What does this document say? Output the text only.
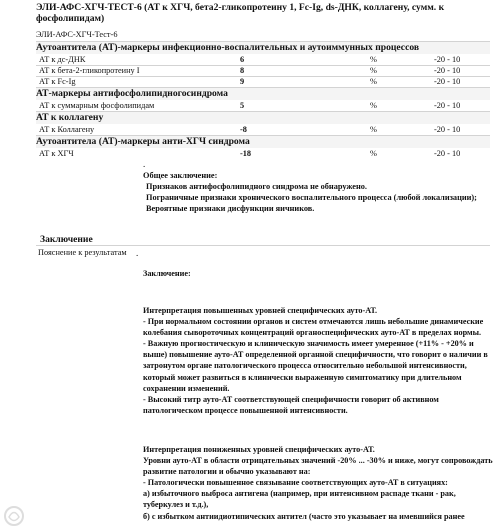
ЭЛИ-АФС-ХГЧ-ТЕСТ-6 (АТ к ХГЧ, бета2-гликопротеину 1, Fc-Ig, ds-ДНК, коллагену, сумм. к фосфолипидам)
ЭЛИ-АФС-ХГЧ-Тест-6
Аутоантитела (АТ)-маркеры инфекционно-воспалительных и аутоиммунных процессов
АТ к дс-ДНК	6	%	-20 - 10
АТ к бета-2-гликопротеину I	8	%	-20 - 10
АТ к Fc-Ig	9	%	-20 - 10
АТ-маркеры антифосфолипидногосиндрома
АТ к суммарным фосфолипидам	5	%	-20 - 10
АТ к коллагену
АТ к Коллагену	-8	%	-20 - 10
Аутоантитела (АТ)-маркеры анти-ХГЧ синдрома
АТ к ХГЧ	-18	%	-20 - 10
.

Общее заключение:

Признаков антифосфолипидного синдрома не обнаружено.

Пограничные признаки хронического воспалительного процесса (любой локализации);

Вероятные признаки дисфункции яичников.

Заключение
Пояснение к результатам .
Заключение:

Интерпретация повышенных уровней специфических ауто-АТ.

- При нормальном состоянии органов и систем отмечаются лишь небольшие динамические колебания сывороточных концентраций органоспецифических ауто-АТ в пределах нормы.

- Важную прогностическую и клиническую значимость имеет умеренное (+11% - +20% и выше) повышение ауто-АТ определенной органной специфичности, что говорит о наличии в затронутом органе патологического процесса относительно небольшой интенсивности, который может развиться в клинически выраженную симптоматику при длительном сохранении изменений.

- Высокий титр ауто-АТ соответствующей специфичности говорит об активном патологическом процессе повышенной интенсивности.

Интерпретация пониженных уровней специфических ауто-АТ.

Уровни ауто-АТ в области отрицательных значений -20% ... -30% и ниже, могут сопровождать развитие патологии и обычно указывают на:

- Патологически повышенное связывание соответствующих ауто-АТ в ситуациях:

а) избыточного выброса антигена (например, при интенсивном распаде ткани - рак, туберкулез и т.д.),

б) с избытком антиидиотипических антител (часто это указывает на имевшийся ранее
